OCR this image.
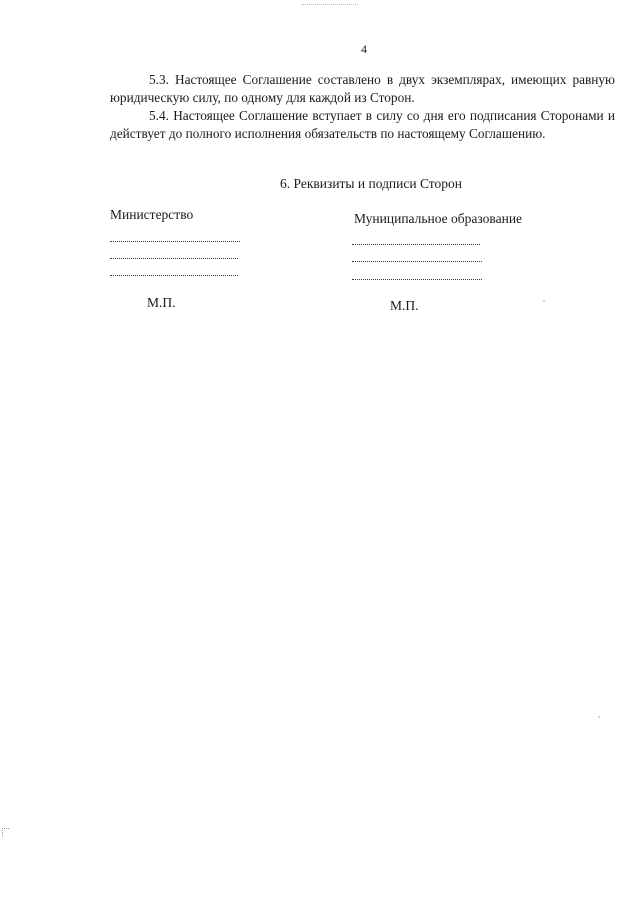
4

5.3. Настоящее Соглашение составлено в двух экземплярах, имеющих равную юридическую силу, по одному для каждой из Сторон.

5.4. Настоящее Соглашение вступает в силу со дня его подписания Сторонами и действует до полного исполнения обязательств по настоящему Соглашению.

6. Реквизиты и подписи Сторон
Министерство	Муниципальное образование
М.П.	М.П.
